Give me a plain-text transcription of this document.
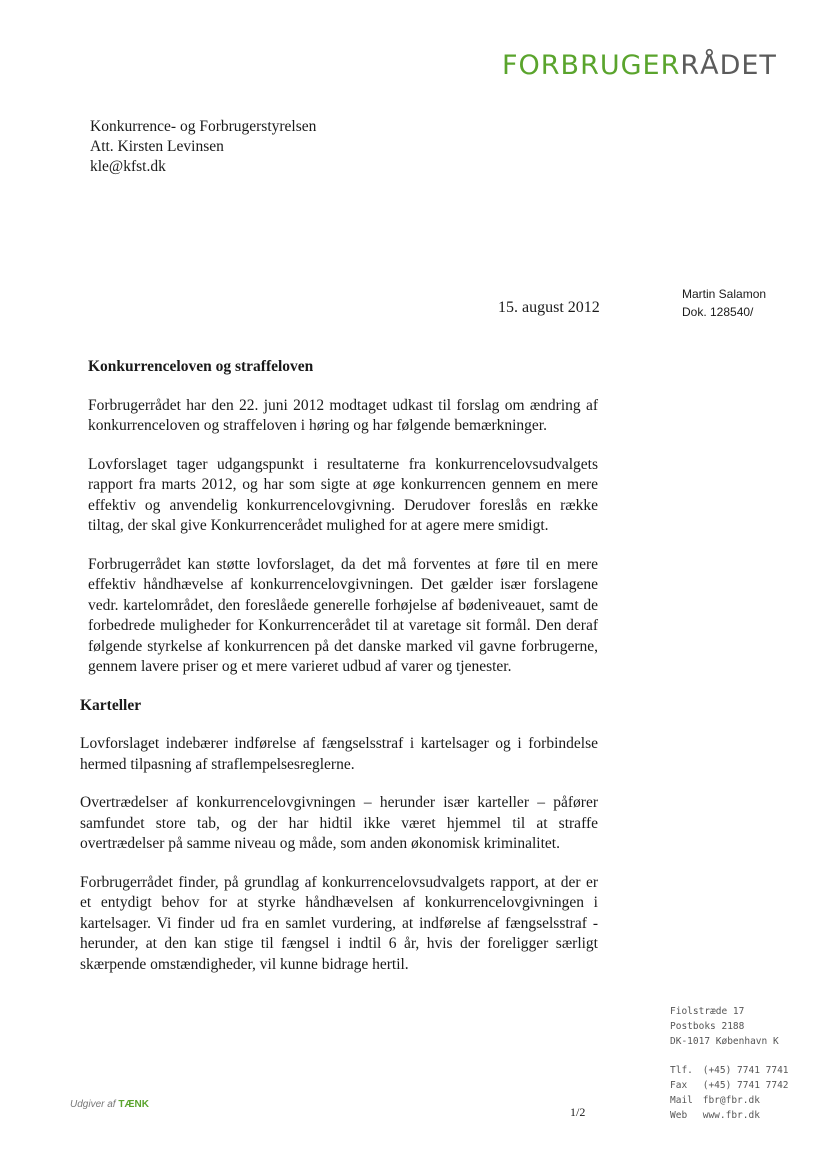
FORBRUGERRÅDET
Konkurrence- og Forbrugerstyrelsen
Att. Kirsten Levinsen
kle@kfst.dk
Martin Salamon
Dok. 128540/
15. august 2012
Konkurrenceloven og straffeloven

Forbrugerrådet har den 22. juni 2012 modtaget udkast til forslag om ændring af konkurrenceloven og straffeloven i høring og har følgende bemærkninger.

Lovforslaget tager udgangspunkt i resultaterne fra konkurrencelovsudvalgets rapport fra marts 2012, og har som sigte at øge konkurrencen gennem en mere effektiv og anvendelig konkurrencelovgivning. Derudover foreslås en række tiltag, der skal give Konkurrencerådet mulighed for at agere mere smidigt.

Forbrugerrådet kan støtte lovforslaget, da det må forventes at føre til en mere effektiv håndhævelse af konkurrencelovgivningen. Det gælder især forslagene vedr. kartelområdet, den foreslåede generelle forhøjelse af bødeniveauet, samt de forbedrede muligheder for Konkurrencerådet til at varetage sit formål. Den deraf følgende styrkelse af konkurrencen på det danske marked vil gavne forbrugerne, gennem lavere priser og et mere varieret udbud af varer og tjenester.

Karteller

Lovforslaget indebærer indførelse af fængselsstraf i kartelsager og i forbindelse hermed tilpasning af straflempelsesreglerne.

Overtrædelser af konkurrencelovgivningen – herunder især karteller – påfører samfundet store tab, og der har hidtil ikke været hjemmel til at straffe overtrædelser på samme niveau og måde, som anden økonomisk kriminalitet.

Forbrugerrådet finder, på grundlag af konkurrencelovsudvalgets rapport, at der er et entydigt behov for at styrke håndhævelsen af konkurrencelovgivningen i kartelsager. Vi finder ud fra en samlet vurdering, at indførelse af fængselsstraf - herunder, at den kan stige til fængsel i indtil 6 år, hvis der foreligger særligt skærpende omstændigheder, vil kunne bidrage hertil.

Fiolstræde 17
Postboks 2188
DK-1017 København K
Tlf. (+45) 7741 7741
Fax (+45) 7741 7742
Mail fbr@fbr.dk
Web www.fbr.dk
Udgiver af TÆNK
1/2
